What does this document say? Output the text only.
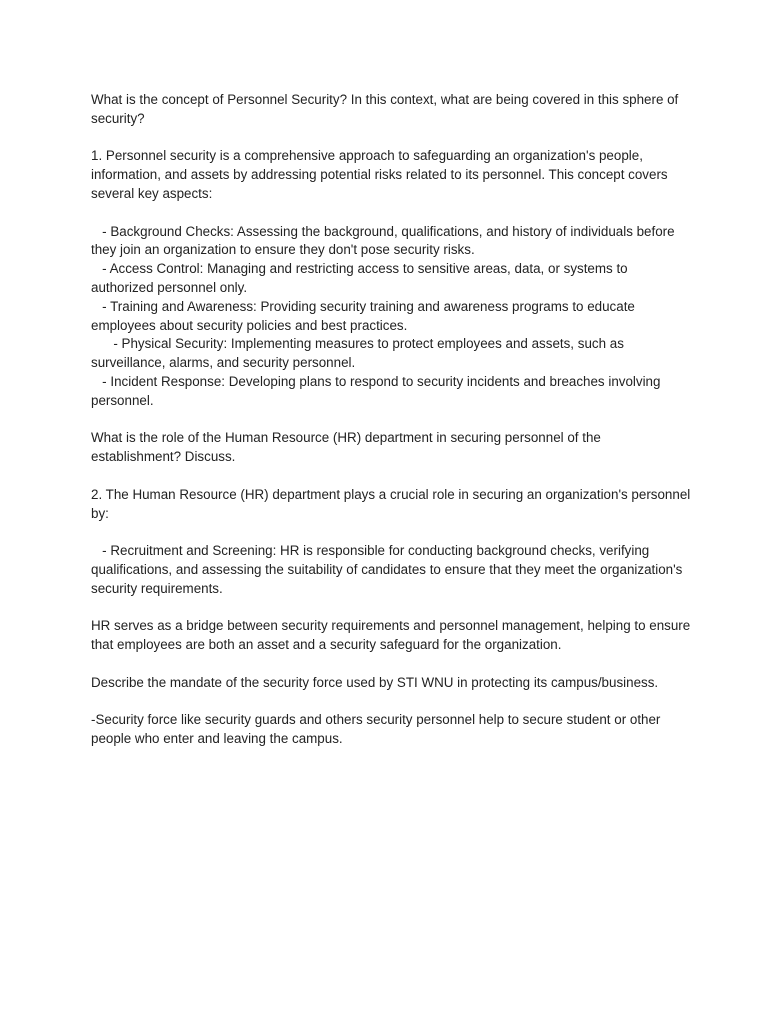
What is the concept of Personnel Security? In this context, what are being covered in this sphere of security?

1. Personnel security is a comprehensive approach to safeguarding an organization's people, information, and assets by addressing potential risks related to its personnel. This concept covers several key aspects:

- Background Checks: Assessing the background, qualifications, and history of individuals before they join an organization to ensure they don't pose security risks.

- Access Control: Managing and restricting access to sensitive areas, data, or systems to authorized personnel only.

- Training and Awareness: Providing security training and awareness programs to educate employees about security policies and best practices.

- Physical Security: Implementing measures to protect employees and assets, such as surveillance, alarms, and security personnel.

- Incident Response: Developing plans to respond to security incidents and breaches involving personnel.

What is the role of the Human Resource (HR) department in securing personnel of the establishment? Discuss.

2. The Human Resource (HR) department plays a crucial role in securing an organization's personnel by:

- Recruitment and Screening: HR is responsible for conducting background checks, verifying qualifications, and assessing the suitability of candidates to ensure that they meet the organization's security requirements.

HR serves as a bridge between security requirements and personnel management, helping to ensure that employees are both an asset and a security safeguard for the organization.

Describe the mandate of the security force used by STI WNU in protecting its campus/business.

-Security force like security guards and others security personnel help to secure student or other people who enter and leaving the campus.
